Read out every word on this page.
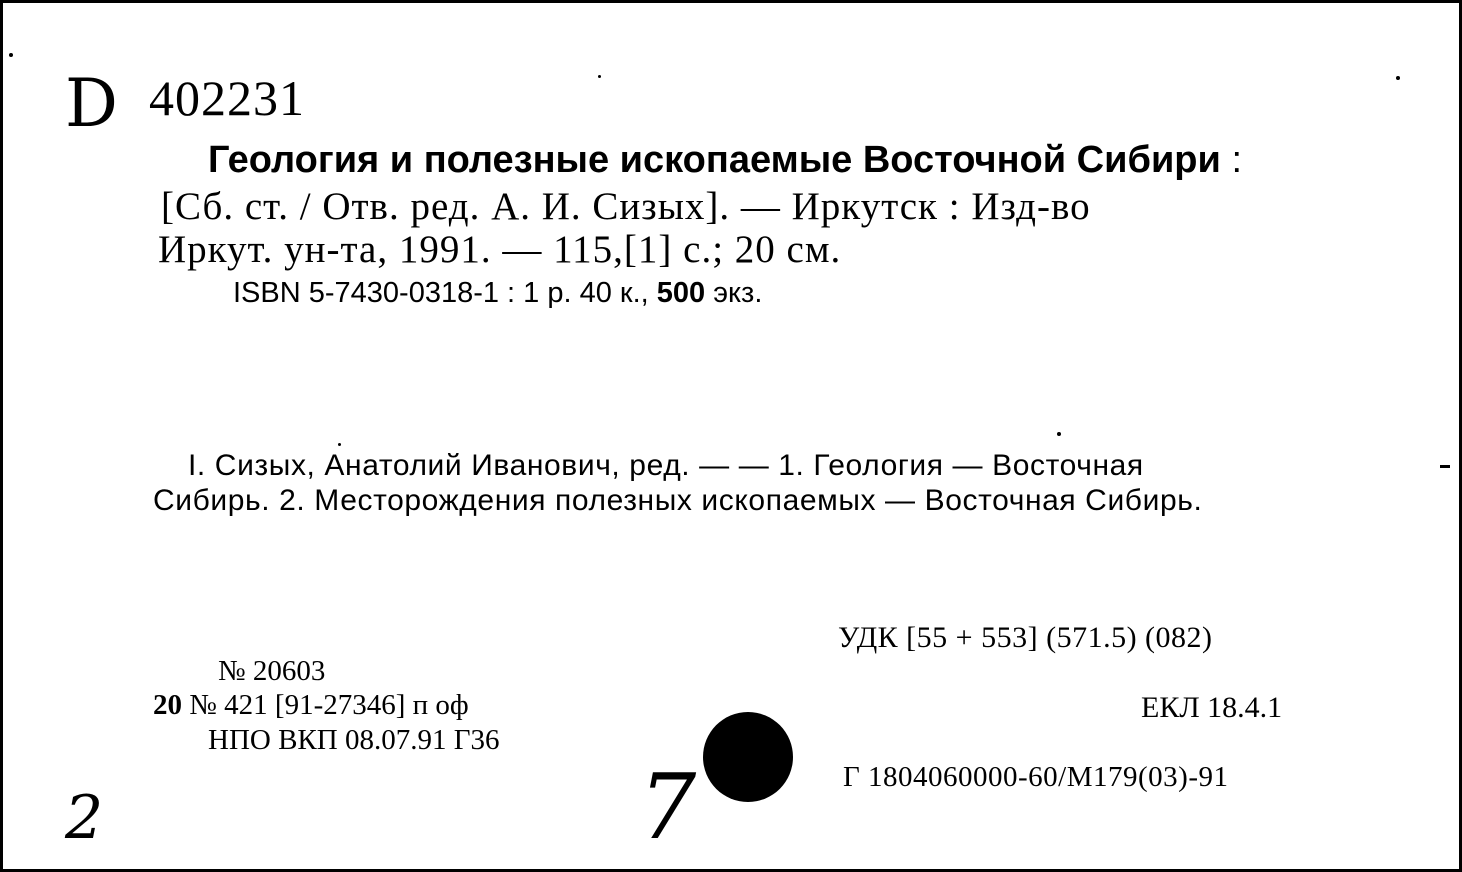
D 402231
Геология и полезные ископаемые Восточной Сибири :
[Сб. ст. / Отв. ред. А. И. Сизых]. — Иркутск : Изд-во
Иркут. ун-та, 1991. — 115,[1] с.; 20 см.
ISBN 5-7430-0318-1 : 1 р. 40 к., 500 экз.
I. Сизых, Анатолий Иванович, ред. — — 1. Геология — Восточная
Сибирь. 2. Месторождения полезных ископаемых — Восточная Сибирь.
№ 20603
20 № 421 [91-27346] п оф
НПО ВКП 08.07.91 Г36
УДК [55 + 553] (571.5) (082)
ЕКЛ 18.4.1
Г 1804060000-60/М179(03)-91
2	7
